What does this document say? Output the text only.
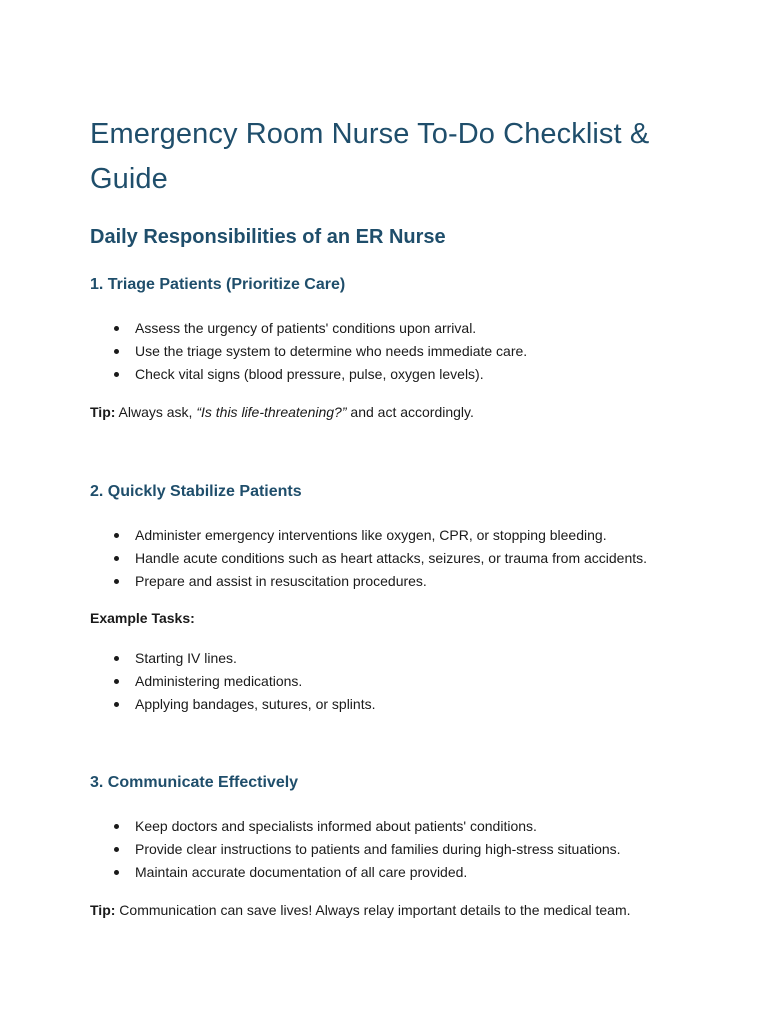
Emergency Room Nurse To-Do Checklist & Guide
Daily Responsibilities of an ER Nurse
1. Triage Patients (Prioritize Care)
Assess the urgency of patients' conditions upon arrival.
Use the triage system to determine who needs immediate care.
Check vital signs (blood pressure, pulse, oxygen levels).

Tip: Always ask, “Is this life-threatening?” and act accordingly.

2. Quickly Stabilize Patients
Administer emergency interventions like oxygen, CPR, or stopping bleeding.
Handle acute conditions such as heart attacks, seizures, or trauma from accidents.
Prepare and assist in resuscitation procedures.

Example Tasks:

Starting IV lines.
Administering medications.
Applying bandages, sutures, or splints.
3. Communicate Effectively
Keep doctors and specialists informed about patients' conditions.
Provide clear instructions to patients and families during high-stress situations.
Maintain accurate documentation of all care provided.

Tip: Communication can save lives! Always relay important details to the medical team.
